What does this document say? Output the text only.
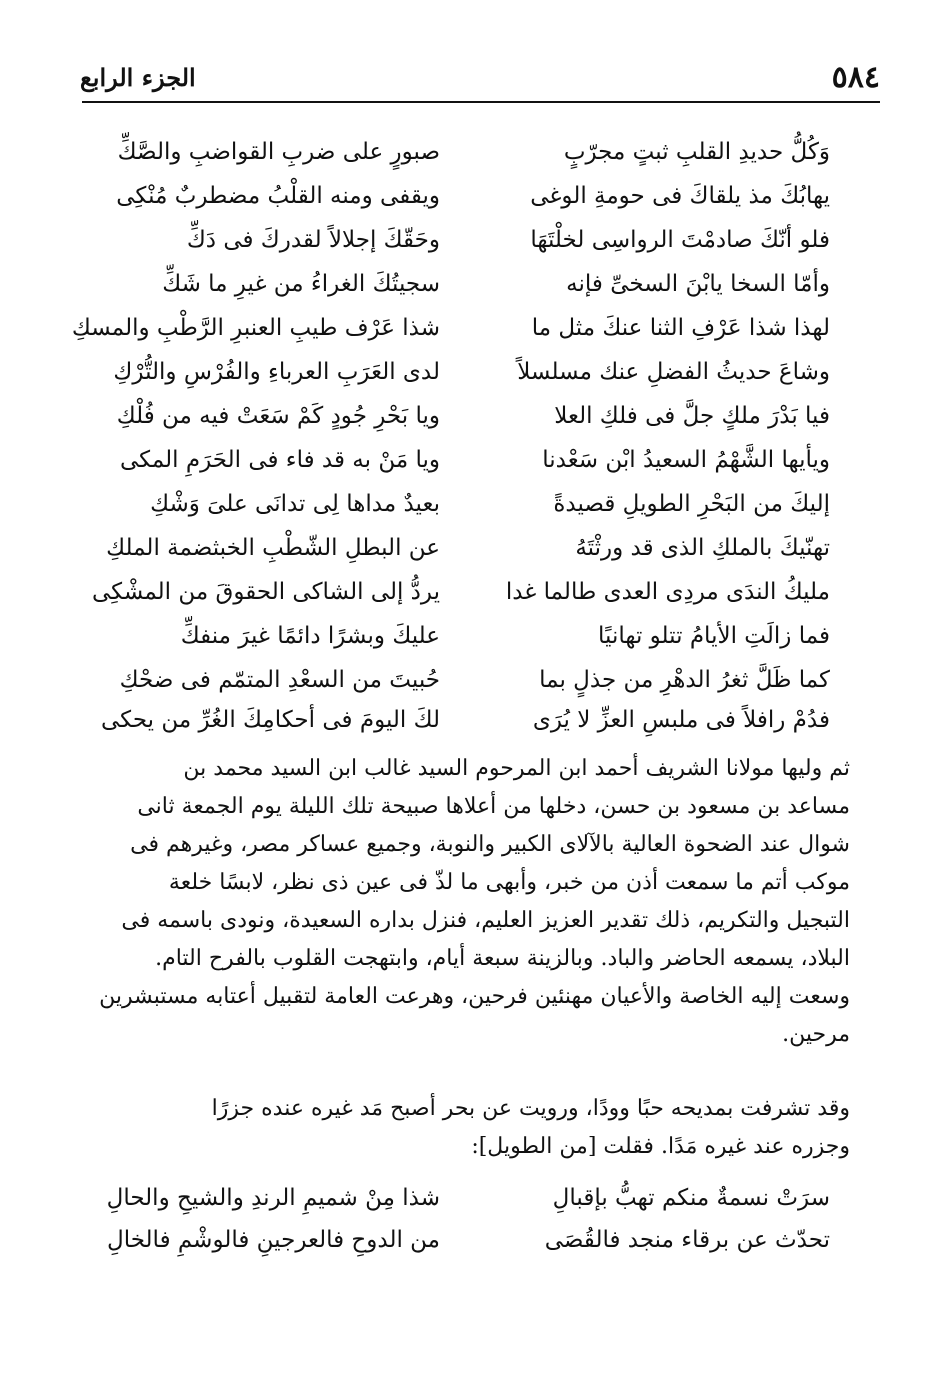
٥٨٤
الجزء الرابع
وَكُلُّ حديدِ القلبِ ثبتٍ مجرّبٍ
صبورٍ على ضربِ القواضبِ والصَّكِّ
يهابُكَ مذ يلقاكَ فى حومةِ الوغى
ويقفى ومنه القلْبُ مضطربٌ مُنْكِى
فلو أنّكَ صادمْتَ الرواسِى لخلْتَهَا
وحَقّكَ إجلالاً لقدركَ فى دَكِّ
وأمّا السخا يابْنَ السخىِّ فإنه
سجيتُكَ الغراءُ من غيرِ ما شَكِّ
لهذا شذا عَرْفِ الثنا عنكَ مثل ما
شذا عَرْف طيبِ العنبرِ الرَّطْبِ والمسكِ
وشاعَ حديثُ الفضلِ عنك مسلسلاً
لدى العَرَبِ العرباءِ والفُرْسِ والتُّرْكِ
فيا بَدْرَ ملكٍ جلَّ فى فلكِ العلا
ويا بَحْرِ جُودٍ كَمْ سَعَتْ فيه من فُلْكِ
ويأيها الشَّهْمُ السعيدُ ابْن سَعْدنا
ويا مَنْ به قد فاء فى الحَرَمِ المكى
إليكَ من البَحْرِ الطويلِ قصيدةً
بعيدٌ مداها لِى تدانَى علىَ وَشْكِ
تهنّيكَ بالملكِ الذى قد ورثْتَهُ
عن البطلِ الشّطْبِ الخبثضمة الملكِ
مليكُ الندَى مردِى العدى طالما غدا
يردُّ إلى الشاكى الحقوقَ من المشْكِى
فما زالَتِ الأيامُ تتلو تهانيًا
عليكَ وبشرًا دائمًا غيرَ منفكِّ
كما ظَلَّ ثغرُ الدهْرِ من جذلٍ بما
حُبيتَ من السعْدِ المتمّم فى ضحْكِ
فدُمْ رافلاً فى ملبسِ العزِّ لا يُرَى
لكَ اليومَ فى أحكامِكَ الغُرِّ من يحكى
ثم وليها مولانا الشريف أحمد ابن المرحوم السيد غالب ابن السيد محمد بن
مساعد بن مسعود بن حسن، دخلها من أعلاها صبيحة تلك الليلة يوم الجمعة ثانى
شوال عند الضحوة العالية بالآلاى الكبير والنوبة، وجميع عساكر مصر، وغيرهم فى
موكب أتم ما سمعت أذن من خبر، وأبهى ما لذّ فى عين ذى نظر، لابسًا خلعة
التبجيل والتكريم، ذلك تقدير العزيز العليم، فنزل بداره السعيدة، ونودى باسمه فى
البلاد، يسمعه الحاضر والباد. وبالزينة سبعة أيام، وابتهجت القلوب بالفرح التام.
وسعت إليه الخاصة والأعيان مهنئين فرحين، وهرعت العامة لتقبيل أعتابه مستبشرين
مرحين.
وقد تشرفت بمديحه حبًا وودًا، ورويت عن بحر أصبح مَد غيره عنده جزرًا
وجزره عند غيره مَدًا. فقلت [من الطويل]:
سرَتْ نسمةٌ منكم تهبُّ بإقبالِ
شذا مِنْ شميمِ الرندِ والشيحِ والحالِ
تحدّث عن برقاء منجد فالقُصَى
من الدوحِ فالعرجينِ فالوشْمِ فالخالِ
